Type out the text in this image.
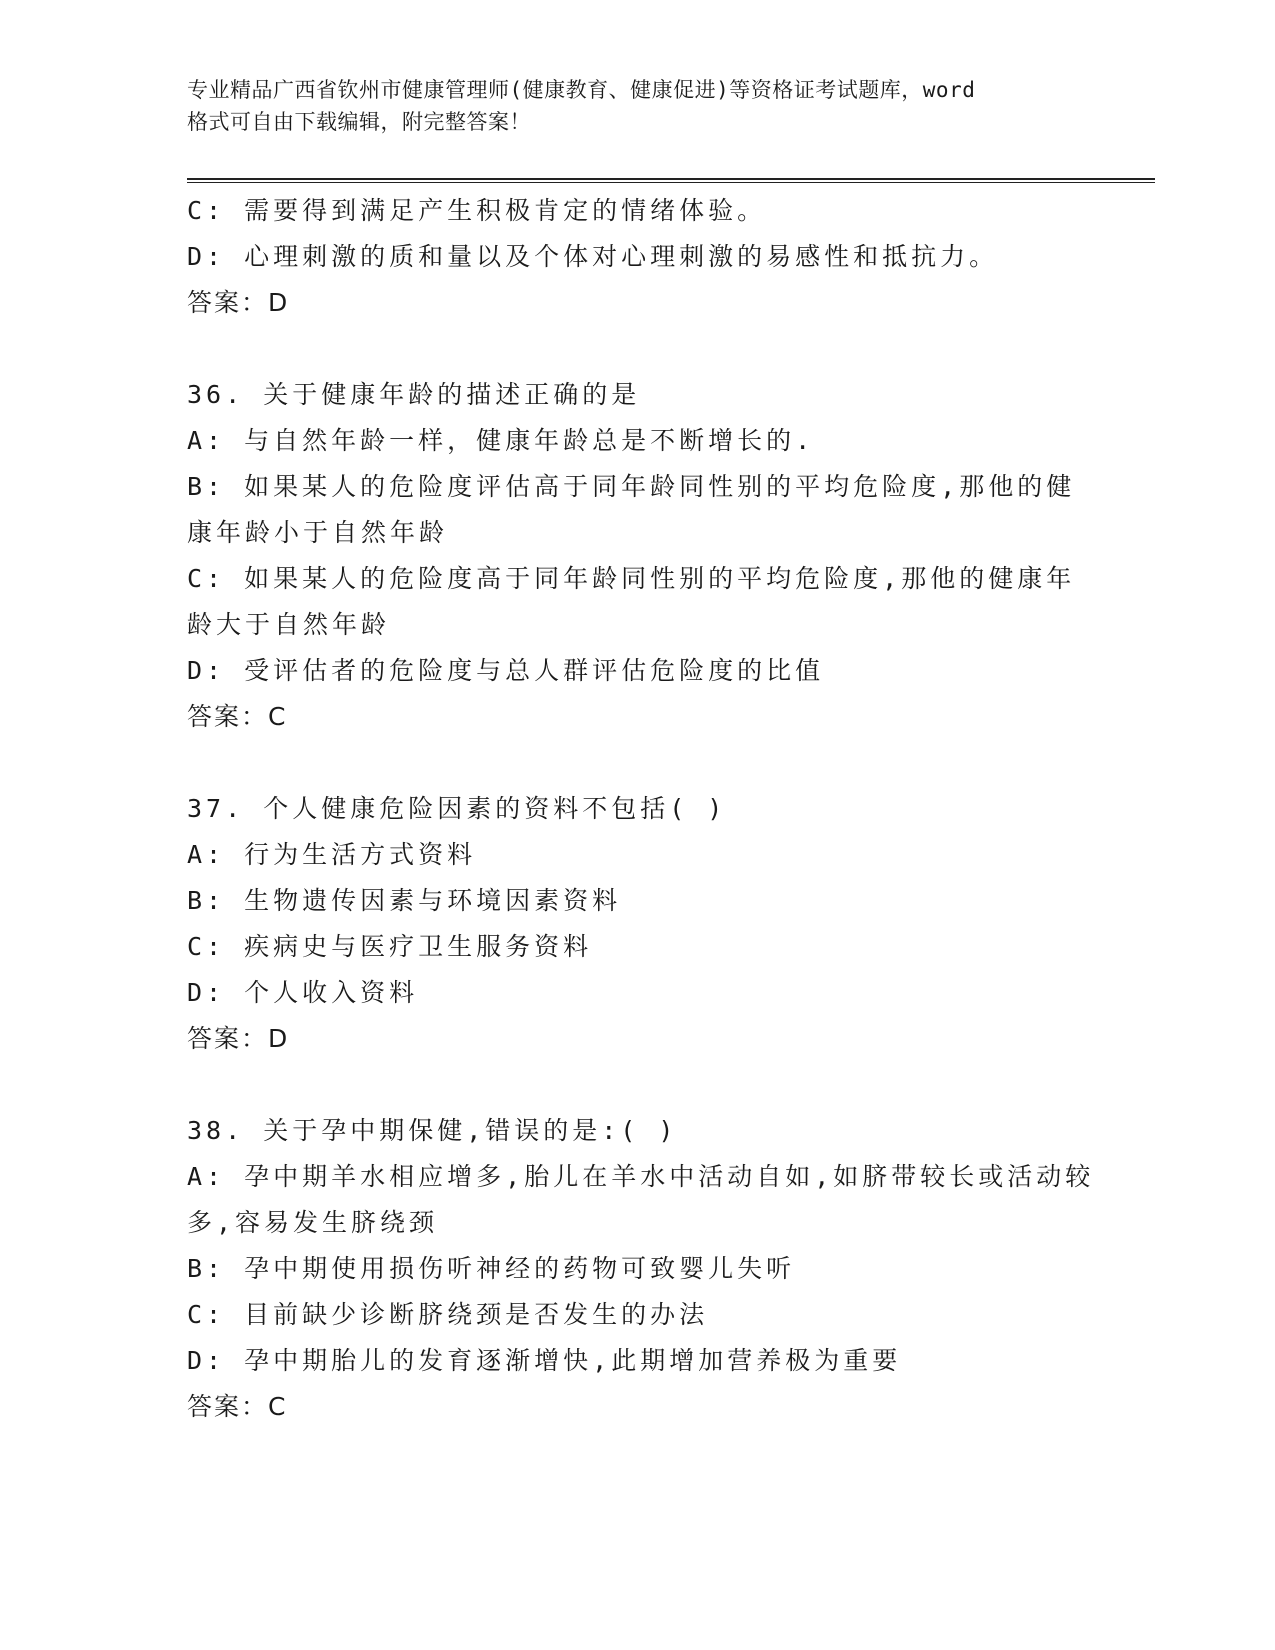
专业精品广西省钦州市健康管理师(健康教育、健康促进)等资格证考试题库，word
格式可自由下载编辑，附完整答案！
C: 需要得到满足产生积极肯定的情绪体验。
D: 心理刺激的质和量以及个体对心理刺激的易感性和抵抗力。
答案：D
36. 关于健康年龄的描述正确的是
A: 与自然年龄一样，健康年龄总是不断增长的.
B: 如果某人的危险度评估高于同年龄同性别的平均危险度,那他的健
康年龄小于自然年龄
C: 如果某人的危险度高于同年龄同性别的平均危险度,那他的健康年
龄大于自然年龄
D: 受评估者的危险度与总人群评估危险度的比值
答案：C
37. 个人健康危险因素的资料不包括( )
A: 行为生活方式资料
B: 生物遗传因素与环境因素资料
C: 疾病史与医疗卫生服务资料
D: 个人收入资料
答案：D
38. 关于孕中期保健,错误的是:( )
A: 孕中期羊水相应增多,胎儿在羊水中活动自如,如脐带较长或活动较
多,容易发生脐绕颈
B: 孕中期使用损伤听神经的药物可致婴儿失听
C: 目前缺少诊断脐绕颈是否发生的办法
D: 孕中期胎儿的发育逐渐增快,此期增加营养极为重要
答案：C
